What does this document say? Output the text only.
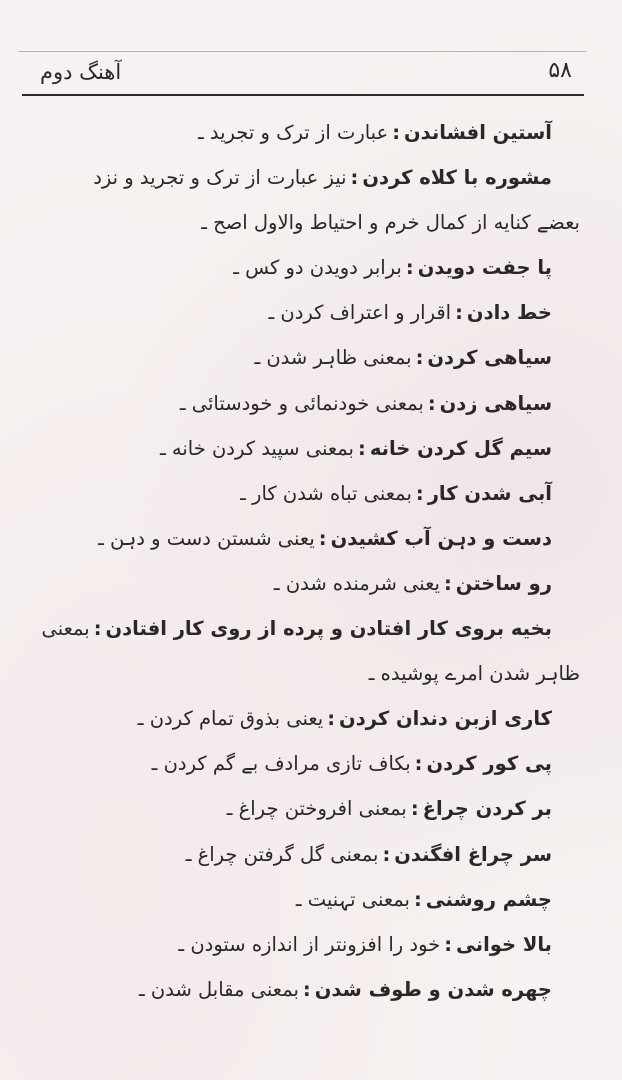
آهنگ دوم	۵۸
آستین افشاندن:عبارت از ترک و تجرید ـ
مشوره با کلاه کردن:نیز عبارت از ترک و تجرید و نزد
بعضے کنایه از کمال خرم و احتیاط والاول اصح ـ
پا جفت دویدن:برابر دویدن دو کس ـ
خط دادن:اقرار و اعتراف کردن ـ
سیاهی کردن:بمعنی ظاہر شدن ـ
سیاهی زدن:بمعنی خودنمائی و خودستائی ـ
سیم گل کردن خانه:بمعنی سپید کردن خانه ـ
آبی شدن کار:بمعنی تباه شدن کار ـ
دست و دہن آب کشیدن:یعنی شستن دست و دہن ـ
رو ساختن:یعنی شرمنده شدن ـ
بخیه بروی کار افتادن و پرده از روی کار افتادن:بمعنی
ظاہر شدن امرے پوشیده ـ
کاری ازبن دندان کردن:یعنی بذوق تمام کردن ـ
پی کور کردن:بکاف تازی مرادف بے گم کردن ـ
بر کردن چراغ:بمعنی افروختن چراغ ـ
سر چراغ افگندن:بمعنی گل گرفتن چراغ ـ
چشم روشنی:بمعنی تہنیت ـ
بالا خوانی:خود را افزونتر از اندازه ستودن ـ
چهره شدن و طوف شدن:بمعنی مقابل شدن ـ
